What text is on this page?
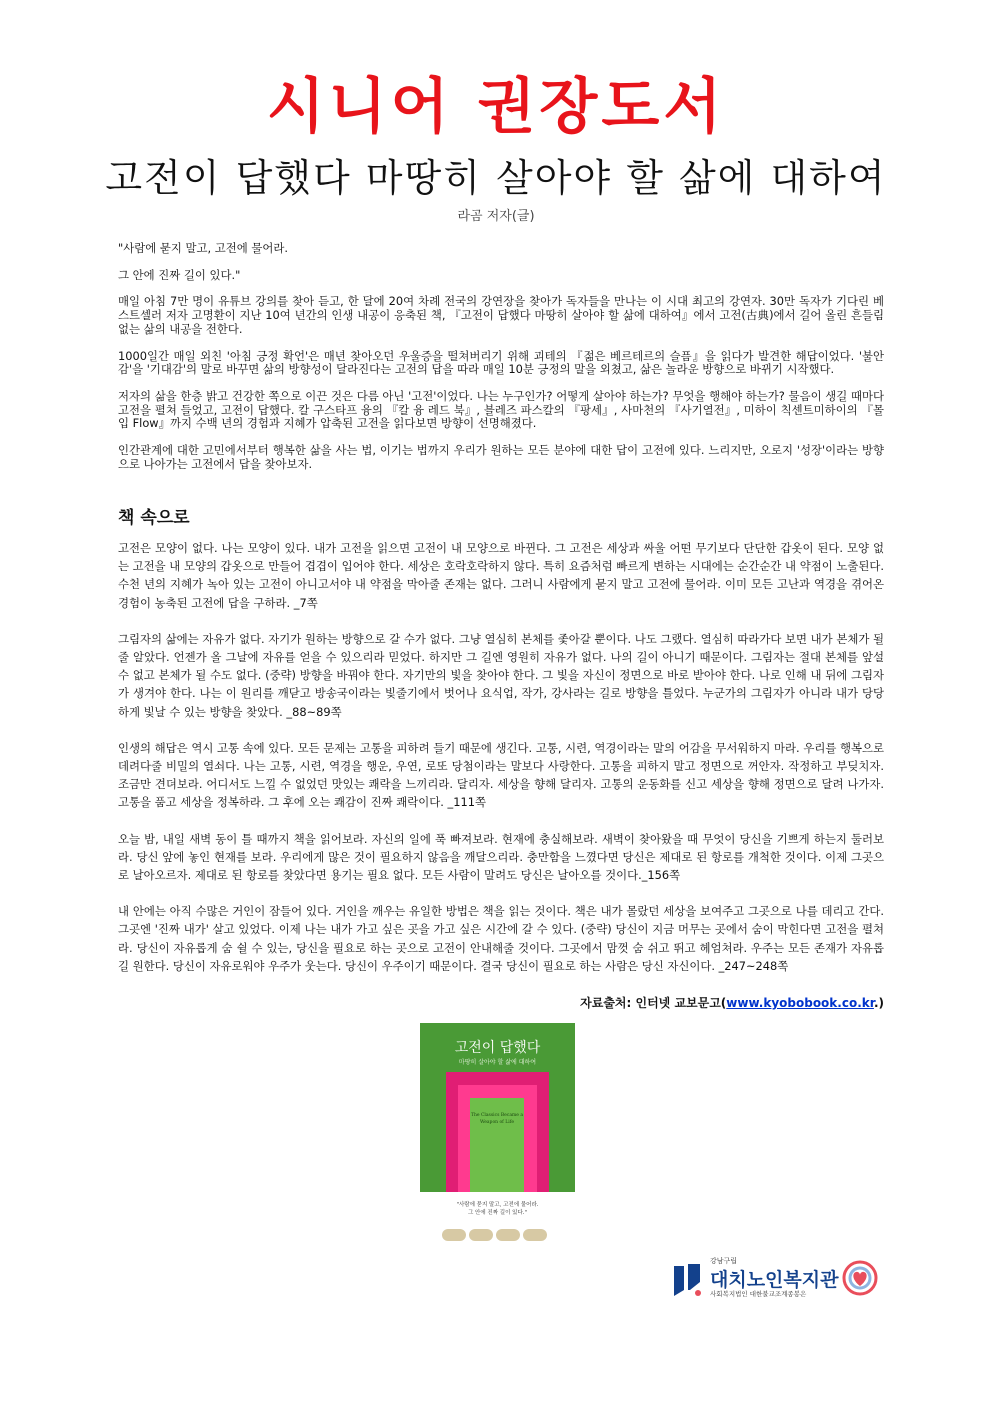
시니어 권장도서
고전이 답했다 마땅히 살아야 할 삶에 대하여
라곰 저자(글)

"사람에 묻지 말고, 고전에 물어라.

그 안에 진짜 길이 있다."

매일 아침 7만 명이 유튜브 강의를 찾아 듣고, 한 달에 20여 차례 전국의 강연장을 찾아가 독자들을 만나는 이 시대 최고의 강연자. 30만 독자가 기다린 베스트셀러 저자 고명환이 지난 10여 년간의 인생 내공이 응축된 책, 『고전이 답했다 마땅히 살아야 할 삶에 대하여』에서 고전(古典)에서 길어 올린 흔들림 없는 삶의 내공을 전한다.

1000일간 매일 외친 '아침 긍정 확언'은 매년 찾아오던 우울증을 떨쳐버리기 위해 괴테의 『젊은 베르테르의 슬픔』을 읽다가 발견한 해답이었다. '불안감'을 '기대감'의 말로 바꾸면 삶의 방향성이 달라진다는 고전의 답을 따라 매일 10분 긍정의 말을 외쳤고, 삶은 놀라운 방향으로 바뀌기 시작했다.

저자의 삶을 한층 밝고 건강한 쪽으로 이끈 것은 다름 아닌 '고전'이었다. 나는 누구인가? 어떻게 살아야 하는가? 무엇을 행해야 하는가? 물음이 생길 때마다 고전을 펼쳐 들었고, 고전이 답했다. 칼 구스타프 융의 『칼 융 레드 북』, 블레즈 파스칼의 『팡세』, 사마천의 『사기열전』, 미하이 칙센트미하이의 『몰입 Flow』까지 수백 년의 경험과 지혜가 압축된 고전을 읽다보면 방향이 선명해졌다.

인간관계에 대한 고민에서부터 행복한 삶을 사는 법, 이기는 법까지 우리가 원하는 모든 분야에 대한 답이 고전에 있다. 느리지만, 오로지 '성장'이라는 방향으로 나아가는 고전에서 답을 찾아보자.

책 속으로

고전은 모양이 없다. 나는 모양이 있다. 내가 고전을 읽으면 고전이 내 모양으로 바뀐다. 그 고전은 세상과 싸울 어떤 무기보다 단단한 갑옷이 된다. 모양 없는 고전을 내 모양의 갑옷으로 만들어 겹겹이 입어야 한다. 세상은 호락호락하지 않다. 특히 요즘처럼 빠르게 변하는 시대에는 순간순간 내 약점이 노출된다. 수천 년의 지혜가 녹아 있는 고전이 아니고서야 내 약점을 막아줄 존재는 없다. 그러니 사람에게 묻지 말고 고전에 물어라. 이미 모든 고난과 역경을 겪어온 경험이 농축된 고전에 답을 구하라. _7쪽

그림자의 삶에는 자유가 없다. 자기가 원하는 방향으로 갈 수가 없다. 그냥 열심히 본체를 좇아갈 뿐이다. 나도 그랬다. 열심히 따라가다 보면 내가 본체가 될 줄 알았다. 언젠가 올 그날에 자유를 얻을 수 있으리라 믿었다. 하지만 그 길엔 영원히 자유가 없다. 나의 길이 아니기 때문이다. 그림자는 절대 본체를 앞설 수 없고 본체가 될 수도 없다. (중략) 방향을 바꿔야 한다. 자기만의 빛을 찾아야 한다. 그 빛을 자신이 정면으로 바로 받아야 한다. 나로 인해 내 뒤에 그림자가 생겨야 한다. 나는 이 원리를 깨닫고 방송국이라는 빛줄기에서 벗어나 요식업, 작가, 강사라는 길로 방향을 틀었다. 누군가의 그림자가 아니라 내가 당당하게 빛날 수 있는 방향을 찾았다. _88~89쪽

인생의 해답은 역시 고통 속에 있다. 모든 문제는 고통을 피하려 들기 때문에 생긴다. 고통, 시련, 역경이라는 말의 어감을 무서워하지 마라. 우리를 행복으로 데려다줄 비밀의 열쇠다. 나는 고통, 시련, 역경을 행운, 우연, 로또 당첨이라는 말보다 사랑한다. 고통을 피하지 말고 정면으로 꺼안자. 작정하고 부딪치자. 조금만 견뎌보라. 어디서도 느낄 수 없었던 맛있는 쾌락을 느끼리라. 달리자. 세상을 향해 달리자. 고통의 운동화를 신고 세상을 향해 정면으로 달려 나가자. 고통을 품고 세상을 정복하라. 그 후에 오는 쾌감이 진짜 쾌락이다. _111쪽

오늘 밤, 내일 새벽 동이 틀 때까지 책을 읽어보라. 자신의 일에 푹 빠져보라. 현재에 충실해보라. 새벽이 찾아왔을 때 무엇이 당신을 기쁘게 하는지 둘러보라. 당신 앞에 놓인 현재를 보라. 우리에게 많은 것이 필요하지 않음을 깨달으리라. 충만함을 느꼈다면 당신은 제대로 된 항로를 개척한 것이다. 이제 그곳으로 날아오르자. 제대로 된 항로를 찾았다면 용기는 필요 없다. 모든 사람이 말려도 당신은 날아오를 것이다._156쪽

내 안에는 아직 수많은 거인이 잠들어 있다. 거인을 깨우는 유일한 방법은 책을 읽는 것이다. 책은 내가 몰랐던 세상을 보여주고 그곳으로 나를 데리고 간다. 그곳엔 '진짜 내가' 살고 있었다. 이제 나는 내가 가고 싶은 곳을 가고 싶은 시간에 갈 수 있다. (중략) 당신이 지금 머무는 곳에서 숨이 막힌다면 고전을 펼쳐라. 당신이 자유롭게 숨 쉴 수 있는, 당신을 필요로 하는 곳으로 고전이 안내해줄 것이다. 그곳에서 맘껏 숨 쉬고 뛰고 헤엄쳐라. 우주는 모든 존재가 자유롭길 원한다. 당신이 자유로워야 우주가 웃는다. 당신이 우주이기 때문이다. 결국 당신이 필요로 하는 사람은 당신 자신이다. _247~248쪽

자료출처: 인터넷 교보문고(www.kyobobook.co.kr.)
고전이 답했다
마땅히 살아야 할 삶에 대하여
The Classics Became a Weapon of Life
"사람에 묻지 말고, 고전에 물어라.
그 안에 진짜 길이 있다."
강남구립
대치노인복지관
사회복지법인 대한불교조계종봉은
